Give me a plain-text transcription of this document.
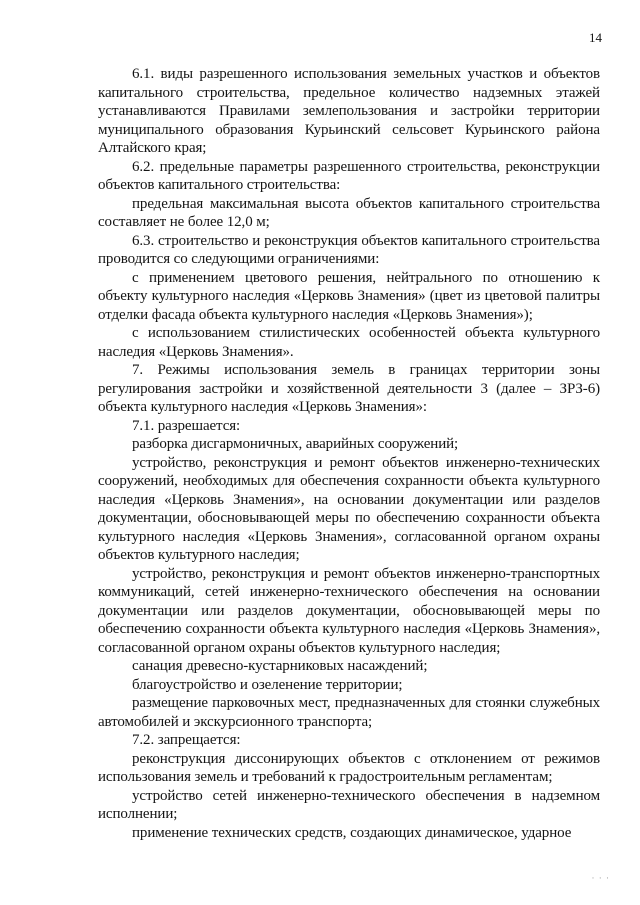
14

6.1. виды разрешенного использования земельных участков и объектов капитального строительства, предельное количество надземных этажей устанавливаются Правилами землепользования и застройки территории муниципального образования Курьинский сельсовет Курьинского района Алтайского края;

6.2. предельные параметры разрешенного строительства, реконструкции объектов капитального строительства:

предельная максимальная высота объектов капитального строительства составляет не более 12,0 м;

6.3. строительство и реконструкция объектов капитального строительства проводится со следующими ограничениями:

с применением цветового решения, нейтрального по отношению к объекту культурного наследия «Церковь Знамения» (цвет из цветовой палитры отделки фасада объекта культурного наследия «Церковь Знамения»);

с использованием стилистических особенностей объекта культурного наследия «Церковь Знамения».

7. Режимы использования земель в границах территории зоны регулирования застройки и хозяйственной деятельности 3 (далее – ЗРЗ-6) объекта культурного наследия «Церковь Знамения»:

7.1. разрешается:

разборка дисгармоничных, аварийных сооружений;

устройство, реконструкция и ремонт объектов инженерно-технических сооружений, необходимых для обеспечения сохранности объекта культурного наследия «Церковь Знамения», на основании документации или разделов документации, обосновывающей меры по обеспечению сохранности объекта культурного наследия «Церковь Знамения», согласованной органом охраны объектов культурного наследия;

устройство, реконструкция и ремонт объектов инженерно-транспортных коммуникаций, сетей инженерно-технического обеспечения на основании документации или разделов документации, обосновывающей меры по обеспечению сохранности объекта культурного наследия «Церковь Знамения», согласованной органом охраны объектов культурного наследия;

санация древесно-кустарниковых насаждений;

благоустройство и озеленение территории;

размещение парковочных мест, предназначенных для стоянки служебных автомобилей и экскурсионного транспорта;

7.2. запрещается:

реконструкция диссонирующих объектов с отклонением от режимов использования земель и требований к градостроительным регламентам;

устройство сетей инженерно-технического обеспечения в надземном исполнении;

применение технических средств, создающих динамическое, ударное

· · ·
